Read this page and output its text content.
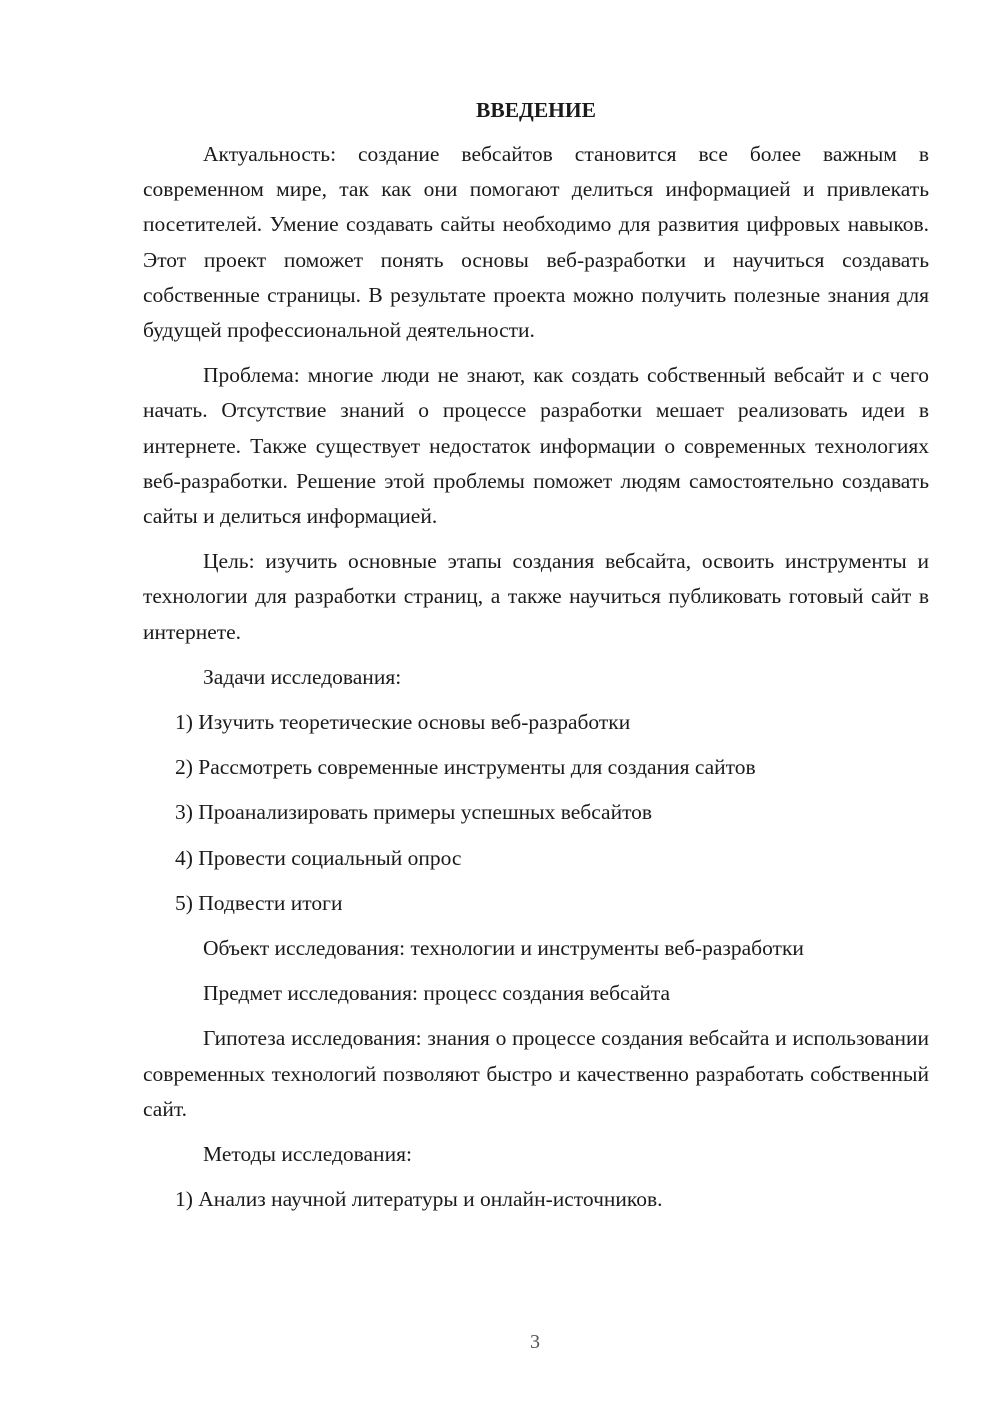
ВВЕДЕНИЕ

Актуальность: создание вебсайтов становится все более важным в современном мире, так как они помогают делиться информацией и привлекать посетителей. Умение создавать сайты необходимо для развития цифровых навыков. Этот проект поможет понять основы веб-разработки и научиться создавать собственные страницы. В результате проекта можно получить полезные знания для будущей профессиональной деятельности.

Проблема: многие люди не знают, как создать собственный вебсайт и с чего начать. Отсутствие знаний о процессе разработки мешает реализовать идеи в интернете. Также существует недостаток информации о современных технологиях веб-разработки. Решение этой проблемы поможет людям самостоятельно создавать сайты и делиться информацией.

Цель: изучить основные этапы создания вебсайта, освоить инструменты и технологии для разработки страниц, а также научиться публиковать готовый сайт в интернете.

Задачи исследования:

1) Изучить теоретические основы веб-разработки
2) Рассмотреть современные инструменты для создания сайтов
3) Проанализировать примеры успешных вебсайтов
4) Провести социальный опрос
5) Подвести итоги

Объект исследования: технологии и инструменты веб-разработки

Предмет исследования: процесс создания вебсайта

Гипотеза исследования: знания о процессе создания вебсайта и использовании современных технологий позволяют быстро и качественно разработать собственный сайт.

Методы исследования:

1) Анализ научной литературы и онлайн-источников.
3
